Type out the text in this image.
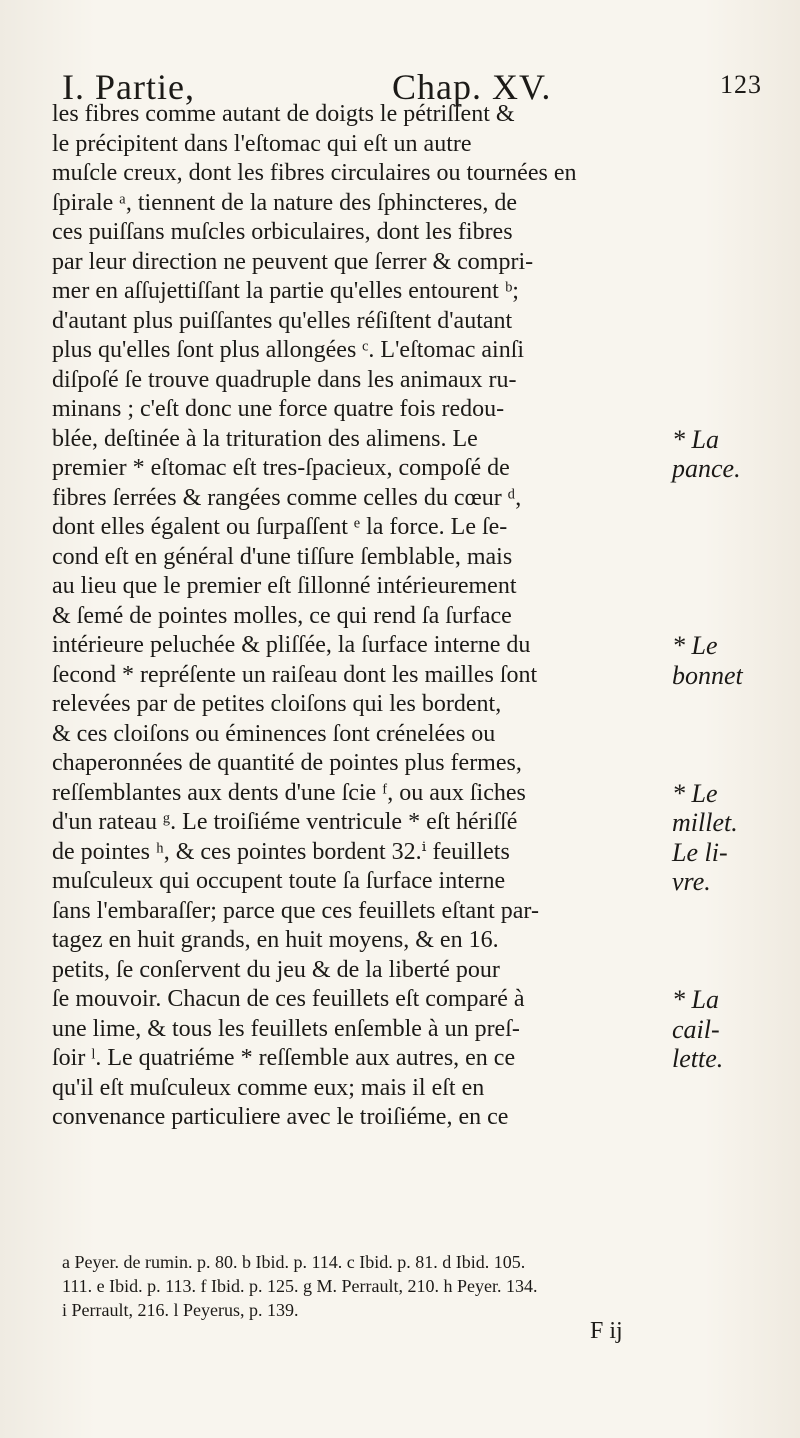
I. Partie,	Chap. XV.	123
les fibres comme autant de doigts le pétriſſent &
le précipitent dans l'eſtomac qui eſt un autre
muſcle creux, dont les fibres circulaires ou tournées en
ſpirale ᵃ, tiennent de la nature des ſphincteres, de
ces puiſſans muſcles orbiculaires, dont les fibres
par leur direction ne peuvent que ſerrer & compri-
mer en aſſujettiſſant la partie qu'elles entourent ᵇ;
d'autant plus puiſſantes qu'elles réſiſtent d'autant
plus qu'elles ſont plus allongées ᶜ. L'eſtomac ainſi
diſpoſé ſe trouve quadruple dans les animaux ru-
minans ; c'eſt donc une force quatre fois redou-
blée, deſtinée à la trituration des alimens. Le
premier * eſtomac eſt tres-ſpacieux, compoſé de
fibres ſerrées & rangées comme celles du cœur ᵈ,
dont elles égalent ou ſurpaſſent ᵉ la force. Le ſe-
cond eſt en général d'une tiſſure ſemblable, mais
au lieu que le premier eſt ſillonné intérieurement
& ſemé de pointes molles, ce qui rend ſa ſurface
intérieure peluchée & pliſſée, la ſurface interne du
ſecond * repréſente un raiſeau dont les mailles ſont
relevées par de petites cloiſons qui les bordent,
& ces cloiſons ou éminences ſont crénelées ou
chaperonnées de quantité de pointes plus fermes,
reſſemblantes aux dents d'une ſcie ᶠ, ou aux ſiches
d'un rateau ᵍ. Le troiſiéme ventricule * eſt hériſſé
de pointes ʰ, & ces pointes bordent 32.ⁱ feuillets
muſculeux qui occupent toute ſa ſurface interne
ſans l'embaraſſer; parce que ces feuillets eſtant par-
tagez en huit grands, en huit moyens, & en 16.
petits, ſe conſervent du jeu & de la liberté pour
ſe mouvoir. Chacun de ces feuillets eſt comparé à
une lime, & tous les feuillets enſemble à un preſ-
ſoir ˡ. Le quatriéme * reſſemble aux autres, en ce
qu'il eſt muſculeux comme eux; mais il eſt en
convenance particuliere avec le troiſiéme, en ce
* La
pance.
* Le
bonnet
* Le
millet.
Le li-
vre.
* La
cail-
lette.
a Peyer. de rumin. p. 80. b Ibid. p. 114. c Ibid. p. 81. d Ibid. 105.
111. e Ibid. p. 113. f Ibid. p. 125. g M. Perrault, 210. h Peyer. 134.
i Perrault, 216. l Peyerus, p. 139.
F ij
